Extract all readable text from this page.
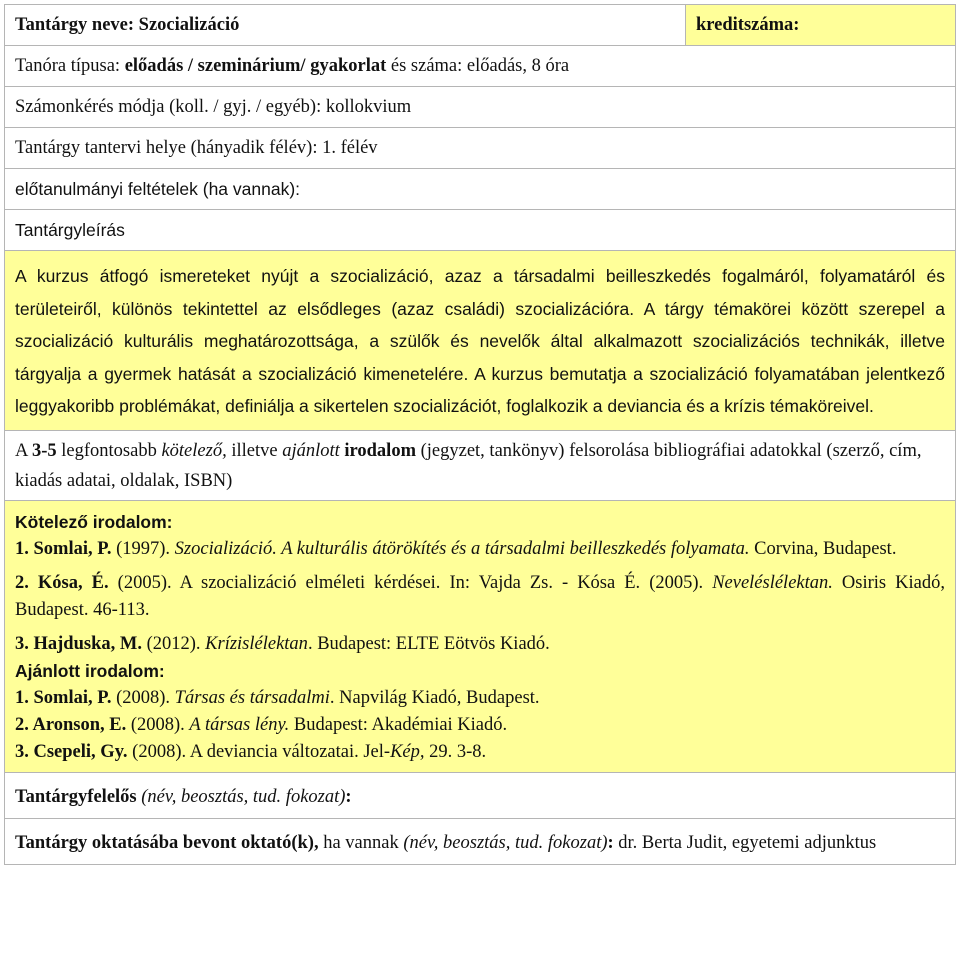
Tantárgy neve: Szocializáció	kreditszáma:
Tanóra típusa: előadás / szeminárium/ gyakorlat és száma: előadás, 8 óra
Számonkérés módja (koll. / gyj. / egyéb): kollokvium
Tantárgy tantervi helye (hányadik félév): 1. félév
előtanulmányi feltételek (ha vannak):
Tantárgyleírás
A kurzus átfogó ismereteket nyújt a szocializáció, azaz a társadalmi beilleszkedés fogalmáról, folyamatáról és területeiről, különös tekintettel az elsődleges (azaz családi) szocializációra. A tárgy témakörei között szerepel a szocializáció kulturális meghatározottsága, a szülők és nevelők által alkalmazott szocializációs technikák, illetve tárgyalja a gyermek hatását a szocializáció kimenetelére. A kurzus bemutatja a szocializáció folyamatában jelentkező leggyakoribb problémákat, definiálja a sikertelen szocializációt, foglalkozik a deviancia és a krízis témaköreivel.
A 3-5 legfontosabb kötelező, illetve ajánlott irodalom (jegyzet, tankönyv) felsorolása bibliográfiai adatokkal (szerző, cím, kiadás adatai, oldalak, ISBN)

Kötelező irodalom:

1. Somlai, P. (1997). Szocializáció. A kulturális átörökítés és a társadalmi beilleszkedés folyamata. Corvina, Budapest.

2. Kósa, É. (2005). A szocializáció elméleti kérdései. In: Vajda Zs. - Kósa É. (2005). Neveléslélektan. Osiris Kiadó, Budapest. 46-113.

3. Hajduska, M. (2012). Krízislélektan. Budapest: ELTE Eötvös Kiadó.

Ajánlott irodalom:

1. Somlai, P. (2008). Társas és társadalmi. Napvilág Kiadó, Budapest.

2. Aronson, E. (2008). A társas lény. Budapest: Akadémiai Kiadó.

3. Csepeli, Gy. (2008). A deviancia változatai. Jel-Kép, 29. 3-8.

Tantárgyfelelős (név, beosztás, tud. fokozat):
Tantárgy oktatásába bevont oktató(k), ha vannak (név, beosztás, tud. fokozat): dr. Berta Judit, egyetemi adjunktus
